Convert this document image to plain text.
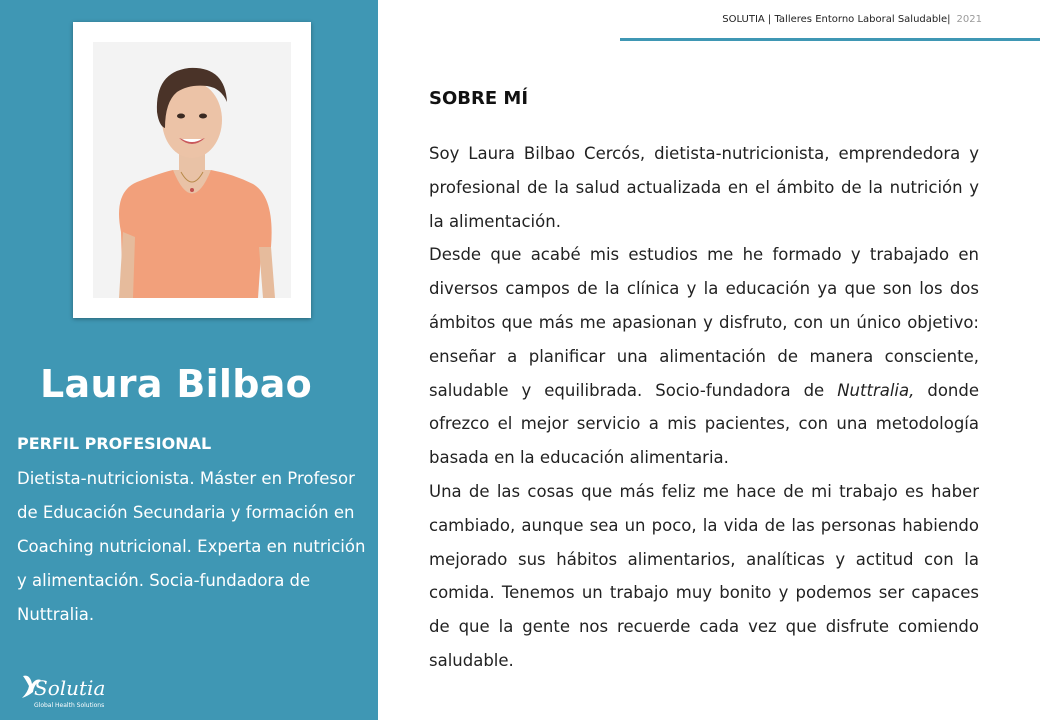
Laura Bilbao
PERFIL PROFESIONAL

Dietista-nutricionista. Máster en Profesor de Educación Secundaria y formación en Coaching nutricional. Experta en nutrición y alimentación. Socia-fundadora de Nuttralia.

Solutia
Global Health Solutions
SOLUTIA | Talleres Entorno Laboral Saludable| 2021
SOBRE MÍ

Soy Laura Bilbao Cercós, dietista-nutricionista, emprendedora y profesional de la salud actualizada en el ámbito de la nutrición y la alimentación.

Desde que acabé mis estudios me he formado y trabajado en diversos campos de la clínica y la educación ya que son los dos ámbitos que más me apasionan y disfruto, con un único objetivo: enseñar a planificar una alimentación de manera consciente, saludable y equilibrada. Socio-fundadora de Nuttralia, donde ofrezco el mejor servicio a mis pacientes, con una metodología basada en la educación alimentaria.

Una de las cosas que más feliz me hace de mi trabajo es haber cambiado, aunque sea un poco, la vida de las personas habiendo mejorado sus hábitos alimentarios, analíticas y actitud con la comida. Tenemos un trabajo muy bonito y podemos ser capaces de que la gente nos recuerde cada vez que disfrute comiendo saludable.
